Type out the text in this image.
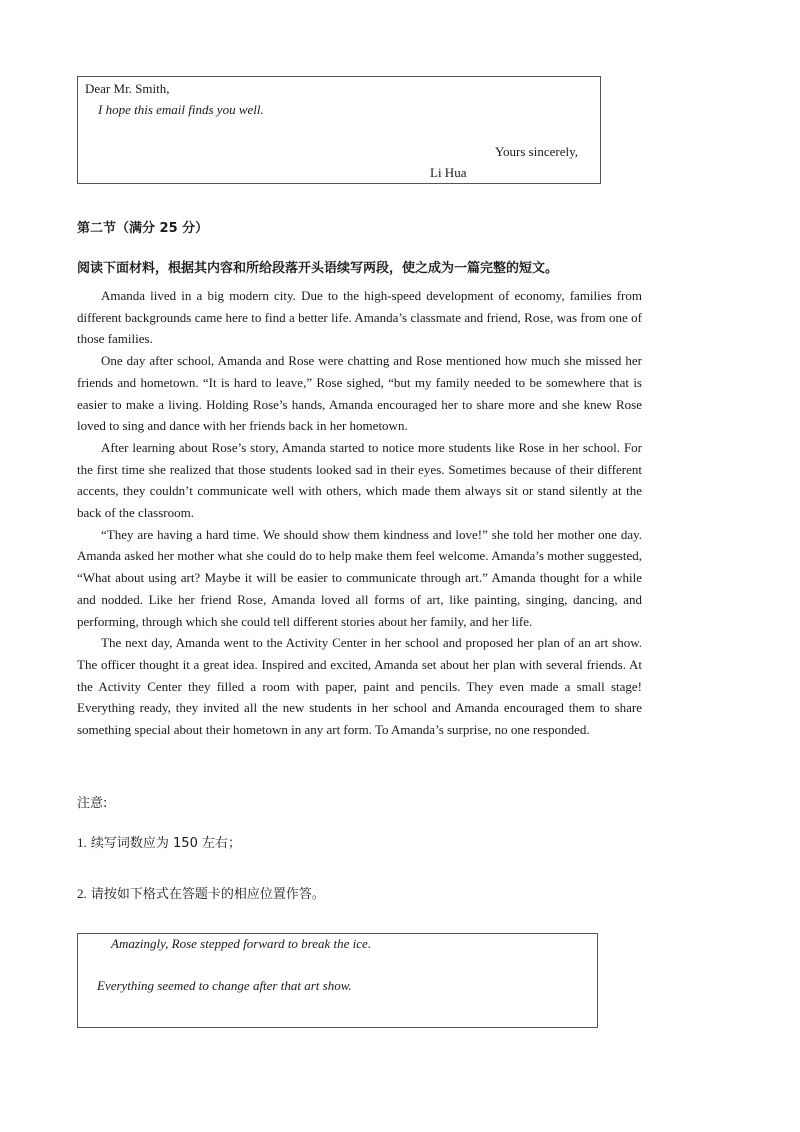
Dear Mr. Smith,
I hope this email finds you well.
Yours sincerely,
Li Hua
第二节（满分 25 分）
阅读下面材料，根据其内容和所给段落开头语续写两段，使之成为一篇完整的短文。

Amanda lived in a big modern city. Due to the high-speed development of economy, families from different backgrounds came here to find a better life. Amanda’s classmate and friend, Rose, was from one of those families.

One day after school, Amanda and Rose were chatting and Rose mentioned how much she missed her friends and hometown. “It is hard to leave,” Rose sighed, “but my family needed to be somewhere that is easier to make a living. Holding Rose’s hands, Amanda encouraged her to share more and she knew Rose loved to sing and dance with her friends back in her hometown.

After learning about Rose’s story, Amanda started to notice more students like Rose in her school. For the first time she realized that those students looked sad in their eyes. Sometimes because of their different accents, they couldn’t communicate well with others, which made them always sit or stand silently at the back of the classroom.

“They are having a hard time. We should show them kindness and love!” she told her mother one day. Amanda asked her mother what she could do to help make them feel welcome. Amanda’s mother suggested, “What about using art? Maybe it will be easier to communicate through art.” Amanda thought for a while and nodded. Like her friend Rose, Amanda loved all forms of art, like painting, singing, dancing, and performing, through which she could tell different stories about her family, and her life.

The next day, Amanda went to the Activity Center in her school and proposed her plan of an art show. The officer thought it a great idea. Inspired and excited, Amanda set about her plan with several friends. At the Activity Center they filled a room with paper, paint and pencils. They even made a small stage! Everything ready, they invited all the new students in her school and Amanda encouraged them to share something special about their hometown in any art form. To Amanda’s surprise, no one responded.

注意:
1. 续写词数应为 150 左右；
2. 请按如下格式在答题卡的相应位置作答。
Amazingly, Rose stepped forward to break the ice.
Everything seemed to change after that art show.
